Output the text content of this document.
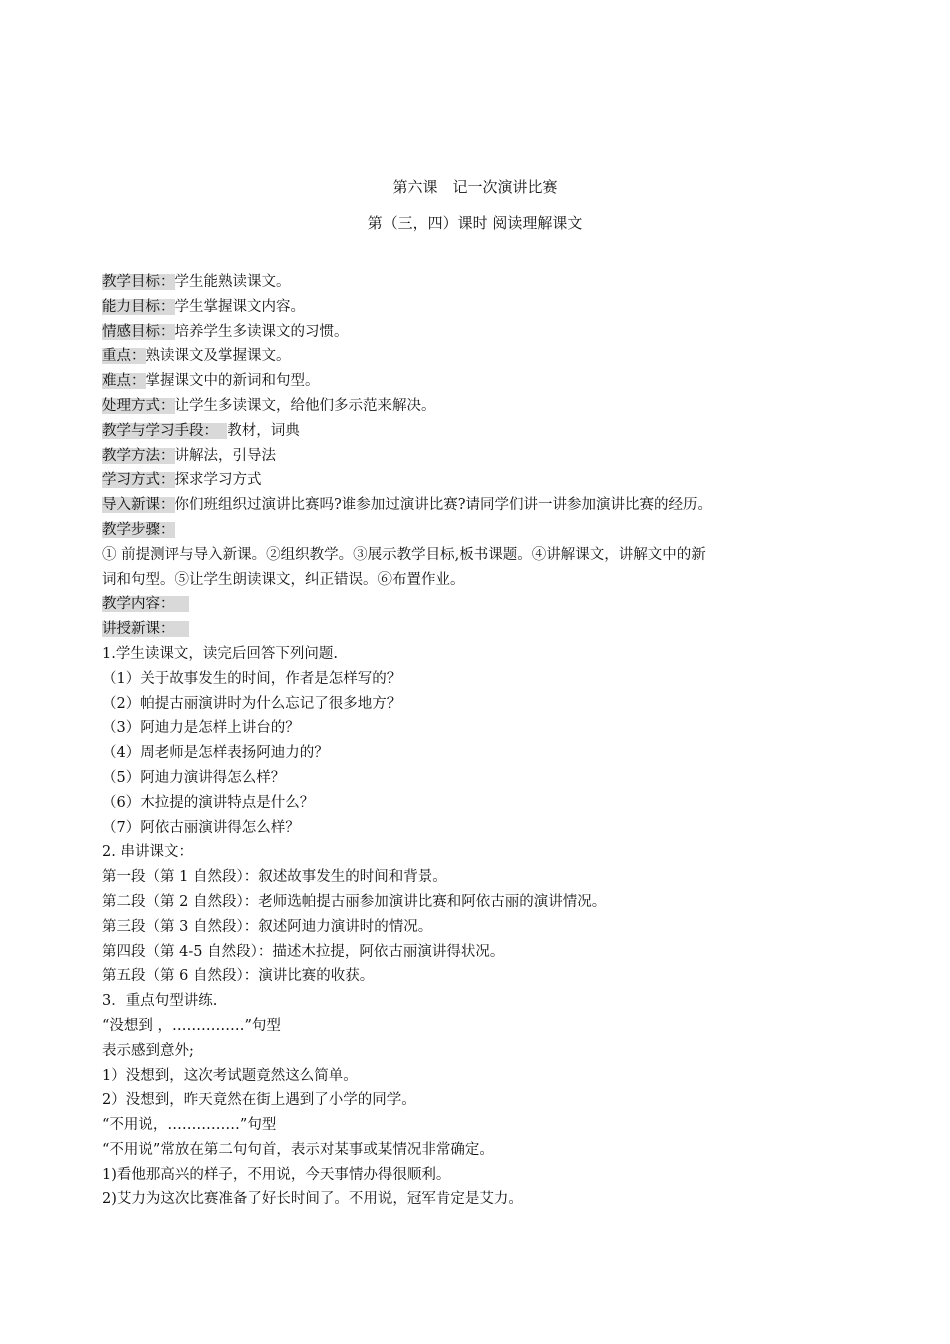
第六课　记一次演讲比赛
第（三，四）课时 阅读理解课文
教学目标：学生能熟读课文。
能力目标：学生掌握课文内容。
情感目标：培养学生多读课文的习惯。
重点：熟读课文及掌握课文。
难点：掌握课文中的新词和句型。
处理方式：让学生多读课文，给他们多示范来解决。
教学与学习手段：  教材，词典
教学方法：讲解法，引导法
学习方式：探求学习方式
导入新课：你们班组织过演讲比赛吗?谁参加过演讲比赛?请同学们讲一讲参加演讲比赛的经历。
教学步骤：
① 前提测评与导入新课。②组织教学。③展示教学目标,板书课题。④讲解课文，讲解文中的新
词和句型。⑤让学生朗读课文，纠正错误。⑥布置作业。
教学内容： 
讲授新课： 
1.学生读课文，读完后回答下列问题.
（1）关于故事发生的时间，作者是怎样写的？
（2）帕提古丽演讲时为什么忘记了很多地方？
（3）阿迪力是怎样上讲台的？
（4）周老师是怎样表扬阿迪力的？
（5）阿迪力演讲得怎么样？
（6）木拉提的演讲特点是什么？
（7）阿依古丽演讲得怎么样？
2. 串讲课文：
第一段（第 1 自然段）：叙述故事发生的时间和背景。
第二段（第 2 自然段）：老师选帕提古丽参加演讲比赛和阿依古丽的演讲情况。
第三段（第 3 自然段）：叙述阿迪力演讲时的情况。
第四段（第 4-5 自然段）：描述木拉提，阿依古丽演讲得状况。
第五段（第 6 自然段）：演讲比赛的收获。
3．重点句型讲练.
“没想到 ，……………”句型
表示感到意外;
1）没想到，这次考试题竟然这么简单。
2）没想到，昨天竟然在街上遇到了小学的同学。
“不用说，……………”句型
“不用说”常放在第二句句首，表示对某事或某情况非常确定。
1)看他那高兴的样子，不用说，今天事情办得很顺利。
2)艾力为这次比赛准备了好长时间了。不用说，冠军肯定是艾力。
